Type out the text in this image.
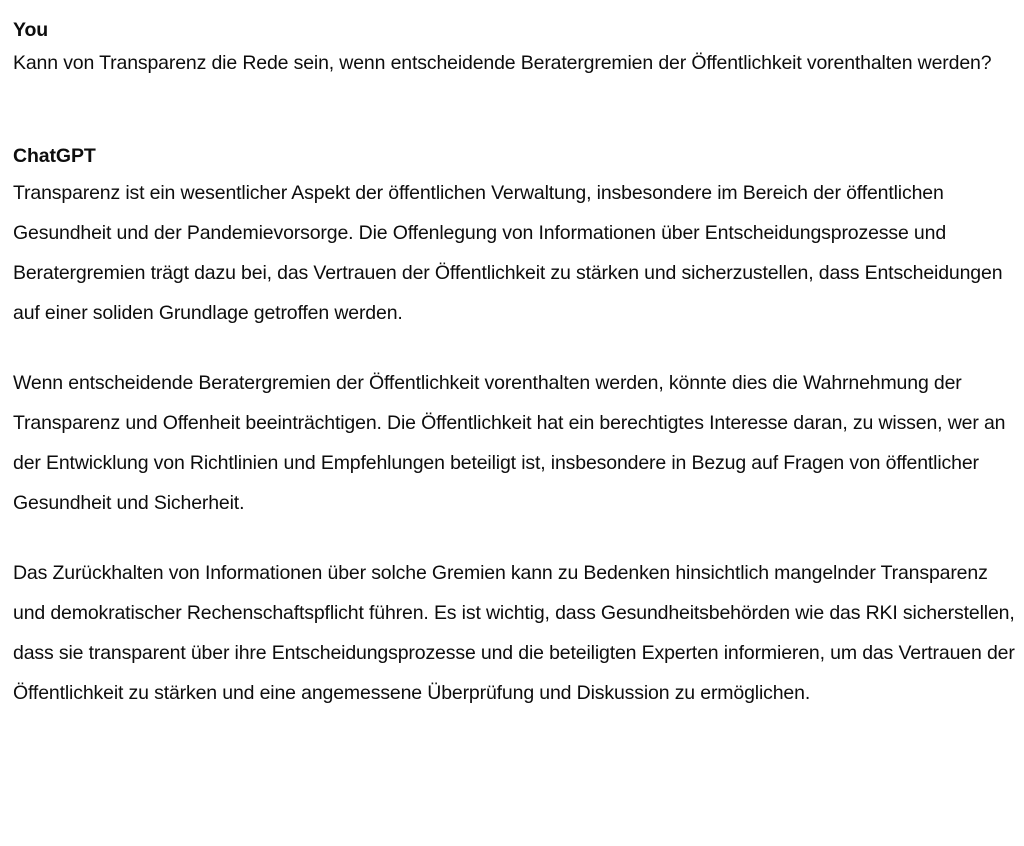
You

Kann von Transparenz die Rede sein, wenn entscheidende Beratergremien der Öffentlichkeit vorenthalten werden?

ChatGPT

Transparenz ist ein wesentlicher Aspekt der öffentlichen Verwaltung, insbesondere im Bereich der öffentlichen Gesundheit und der Pandemievorsorge. Die Offenlegung von Informationen über Entscheidungsprozesse und Beratergremien trägt dazu bei, das Vertrauen der Öffentlichkeit zu stärken und sicherzustellen, dass Entscheidungen auf einer soliden Grundlage getroffen werden.

Wenn entscheidende Beratergremien der Öffentlichkeit vorenthalten werden, könnte dies die Wahrnehmung der Transparenz und Offenheit beeinträchtigen. Die Öffentlichkeit hat ein berechtigtes Interesse daran, zu wissen, wer an der Entwicklung von Richtlinien und Empfehlungen beteiligt ist, insbesondere in Bezug auf Fragen von öffentlicher Gesundheit und Sicherheit.

Das Zurückhalten von Informationen über solche Gremien kann zu Bedenken hinsichtlich mangelnder Transparenz und demokratischer Rechenschaftspflicht führen. Es ist wichtig, dass Gesundheitsbehörden wie das RKI sicherstellen, dass sie transparent über ihre Entscheidungsprozesse und die beteiligten Experten informieren, um das Vertrauen der Öffentlichkeit zu stärken und eine angemessene Überprüfung und Diskussion zu ermöglichen.
